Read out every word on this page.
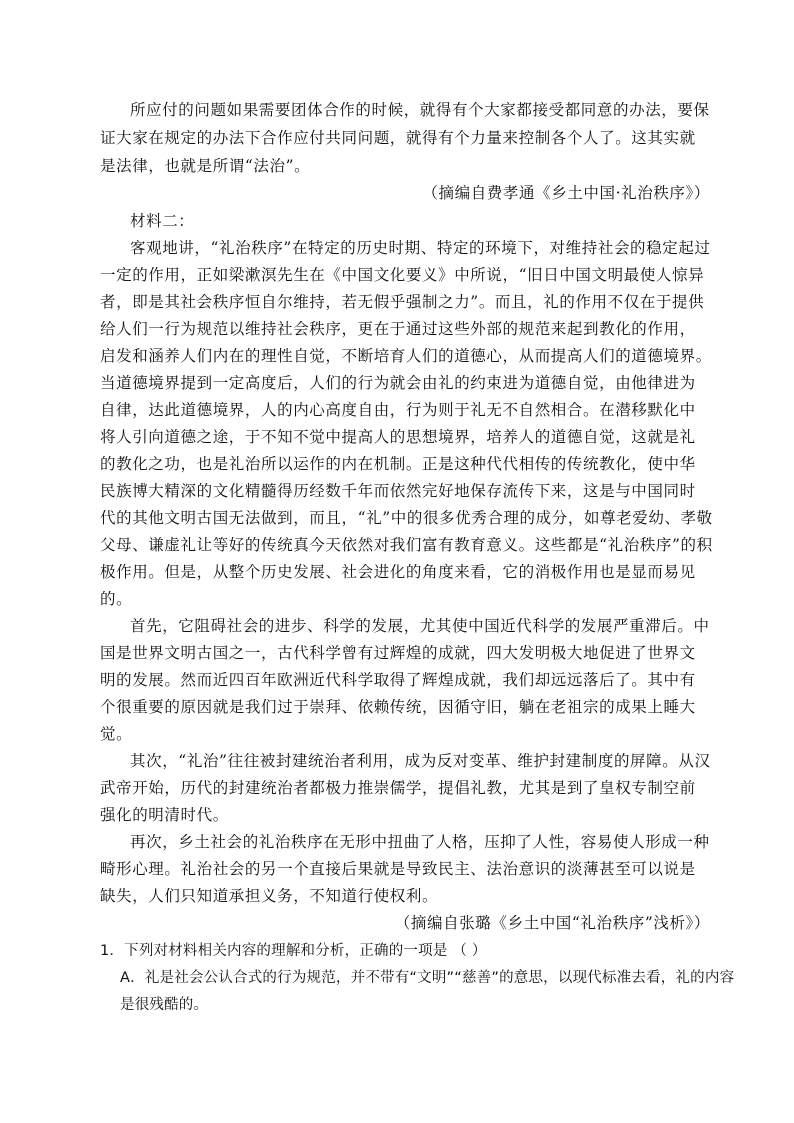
所应付的问题如果需要团体合作的时候，就得有个大家都接受都同意的办法，要保
证大家在规定的办法下合作应付共同问题，就得有个力量来控制各个人了。这其实就
是法律，也就是所谓“法治”。
（摘编自费孝通《乡土中国·礼治秩序》）
材料二：
客观地讲，“礼治秩序”在特定的历史时期、特定的环境下，对维持社会的稳定起过
一定的作用，正如梁漱溟先生在《中国文化要义》中所说，“旧日中国文明最使人惊异
者，即是其社会秩序恒自尔维持，若无假乎强制之力”。而且，礼的作用不仅在于提供
给人们一行为规范以维持社会秩序，更在于通过这些外部的规范来起到教化的作用，
启发和涵养人们内在的理性自觉，不断培育人们的道德心，从而提高人们的道德境界。
当道德境界提到一定高度后，人们的行为就会由礼的约束进为道德自觉，由他律进为
自律，达此道德境界，人的内心高度自由，行为则于礼无不自然相合。在潜移默化中
将人引向道德之途，于不知不觉中提高人的思想境界，培养人的道德自觉，这就是礼
的教化之功，也是礼治所以运作的内在机制。正是这种代代相传的传统教化，使中华
民族博大精深的文化精髓得历经数千年而依然完好地保存流传下来，这是与中国同时
代的其他文明古国无法做到，而且，“礼”中的很多优秀合理的成分，如尊老爱幼、孝敬
父母、谦虚礼让等好的传统真今天依然对我们富有教育意义。这些都是“礼治秩序”的积
极作用。但是，从整个历史发展、社会进化的角度来看，它的消极作用也是显而易见
的。
首先，它阻碍社会的进步、科学的发展，尤其使中国近代科学的发展严重滞后。中
国是世界文明古国之一，古代科学曾有过辉煌的成就，四大发明极大地促进了世界文
明的发展。然而近四百年欧洲近代科学取得了辉煌成就，我们却远远落后了。其中有
个很重要的原因就是我们过于崇拜、依赖传统，因循守旧，躺在老祖宗的成果上睡大
觉。
其次，“礼治”往往被封建统治者利用，成为反对变革、维护封建制度的屏障。从汉
武帝开始，历代的封建统治者都极力推崇儒学，提倡礼教，尤其是到了皇权专制空前
强化的明清时代。
再次，乡土社会的礼治秩序在无形中扭曲了人格，压抑了人性，容易使人形成一种
畸形心理。礼治社会的另一个直接后果就是导致民主、法治意识的淡薄甚至可以说是
缺失，人们只知道承担义务，不知道行使权利。
（摘编自张璐《乡土中国“礼治秩序”浅析》）
1．下列对材料相关内容的理解和分析，正确的一项是 （ ）
A．礼是社会公认合式的行为规范，并不带有“文明”“慈善”的意思，以现代标准去看，礼的内容
是很残酷的。
